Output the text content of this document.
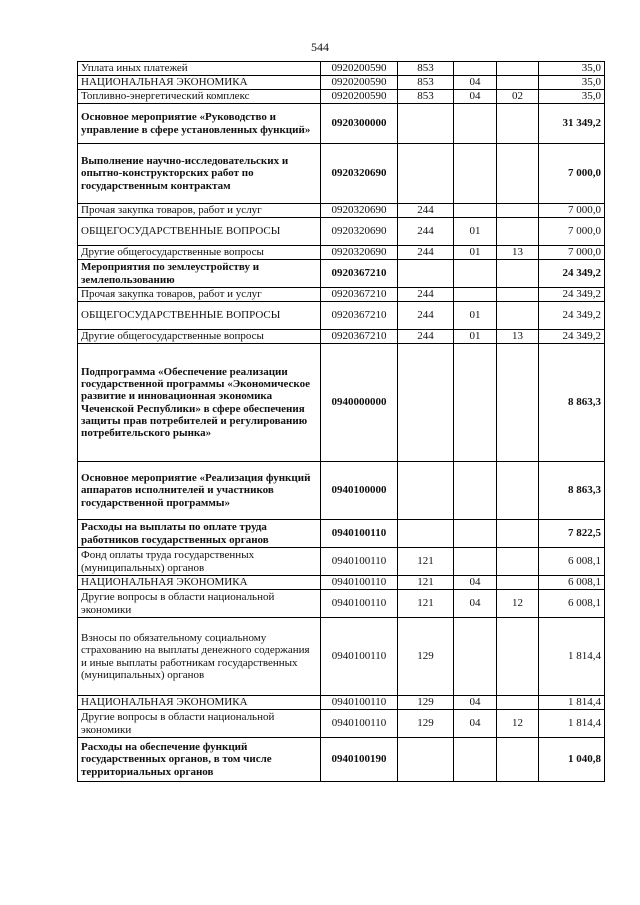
544
Уплата иных платежей	0920200590	853			35,0
НАЦИОНАЛЬНАЯ ЭКОНОМИКА	0920200590	853	04		35,0
Топливно-энергетический комплекс	0920200590	853	04	02	35,0
Основное мероприятие «Руководство и управление в сфере установленных функций»	0920300000				31 349,2
Выполнение научно-исследовательских и опытно-конструкторских работ по государственным контрактам	0920320690				7 000,0
Прочая закупка товаров, работ и услуг	0920320690	244			7 000,0
ОБЩЕГОСУДАРСТВЕННЫЕ ВОПРОСЫ	0920320690	244	01		7 000,0
Другие общегосударственные вопросы	0920320690	244	01	13	7 000,0
Мероприятия по землеустройству и землепользованию	0920367210				24 349,2
Прочая закупка товаров, работ и услуг	0920367210	244			24 349,2
ОБЩЕГОСУДАРСТВЕННЫЕ ВОПРОСЫ	0920367210	244	01		24 349,2
Другие общегосударственные вопросы	0920367210	244	01	13	24 349,2
Подпрограмма «Обеспечение реализации государственной программы «Экономическое развитие и инновационная экономика Чеченской Республики» в сфере обеспечения защиты прав потребителей и регулированию потребительского рынка»	0940000000				8 863,3
Основное мероприятие «Реализация функций аппаратов исполнителей и участников государственной программы»	0940100000				8 863,3
Расходы на выплаты по оплате труда работников государственных органов	0940100110				7 822,5
Фонд оплаты труда государственных (муниципальных) органов	0940100110	121			6 008,1
НАЦИОНАЛЬНАЯ ЭКОНОМИКА	0940100110	121	04		6 008,1
Другие вопросы в области национальной экономики	0940100110	121	04	12	6 008,1
Взносы по обязательному социальному страхованию на выплаты денежного содержания и иные выплаты работникам государственных (муниципальных) органов	0940100110	129			1 814,4
НАЦИОНАЛЬНАЯ ЭКОНОМИКА	0940100110	129	04		1 814,4
Другие вопросы в области национальной экономики	0940100110	129	04	12	1 814,4
Расходы на обеспечение функций государственных органов, в том числе территориальных органов	0940100190				1 040,8
